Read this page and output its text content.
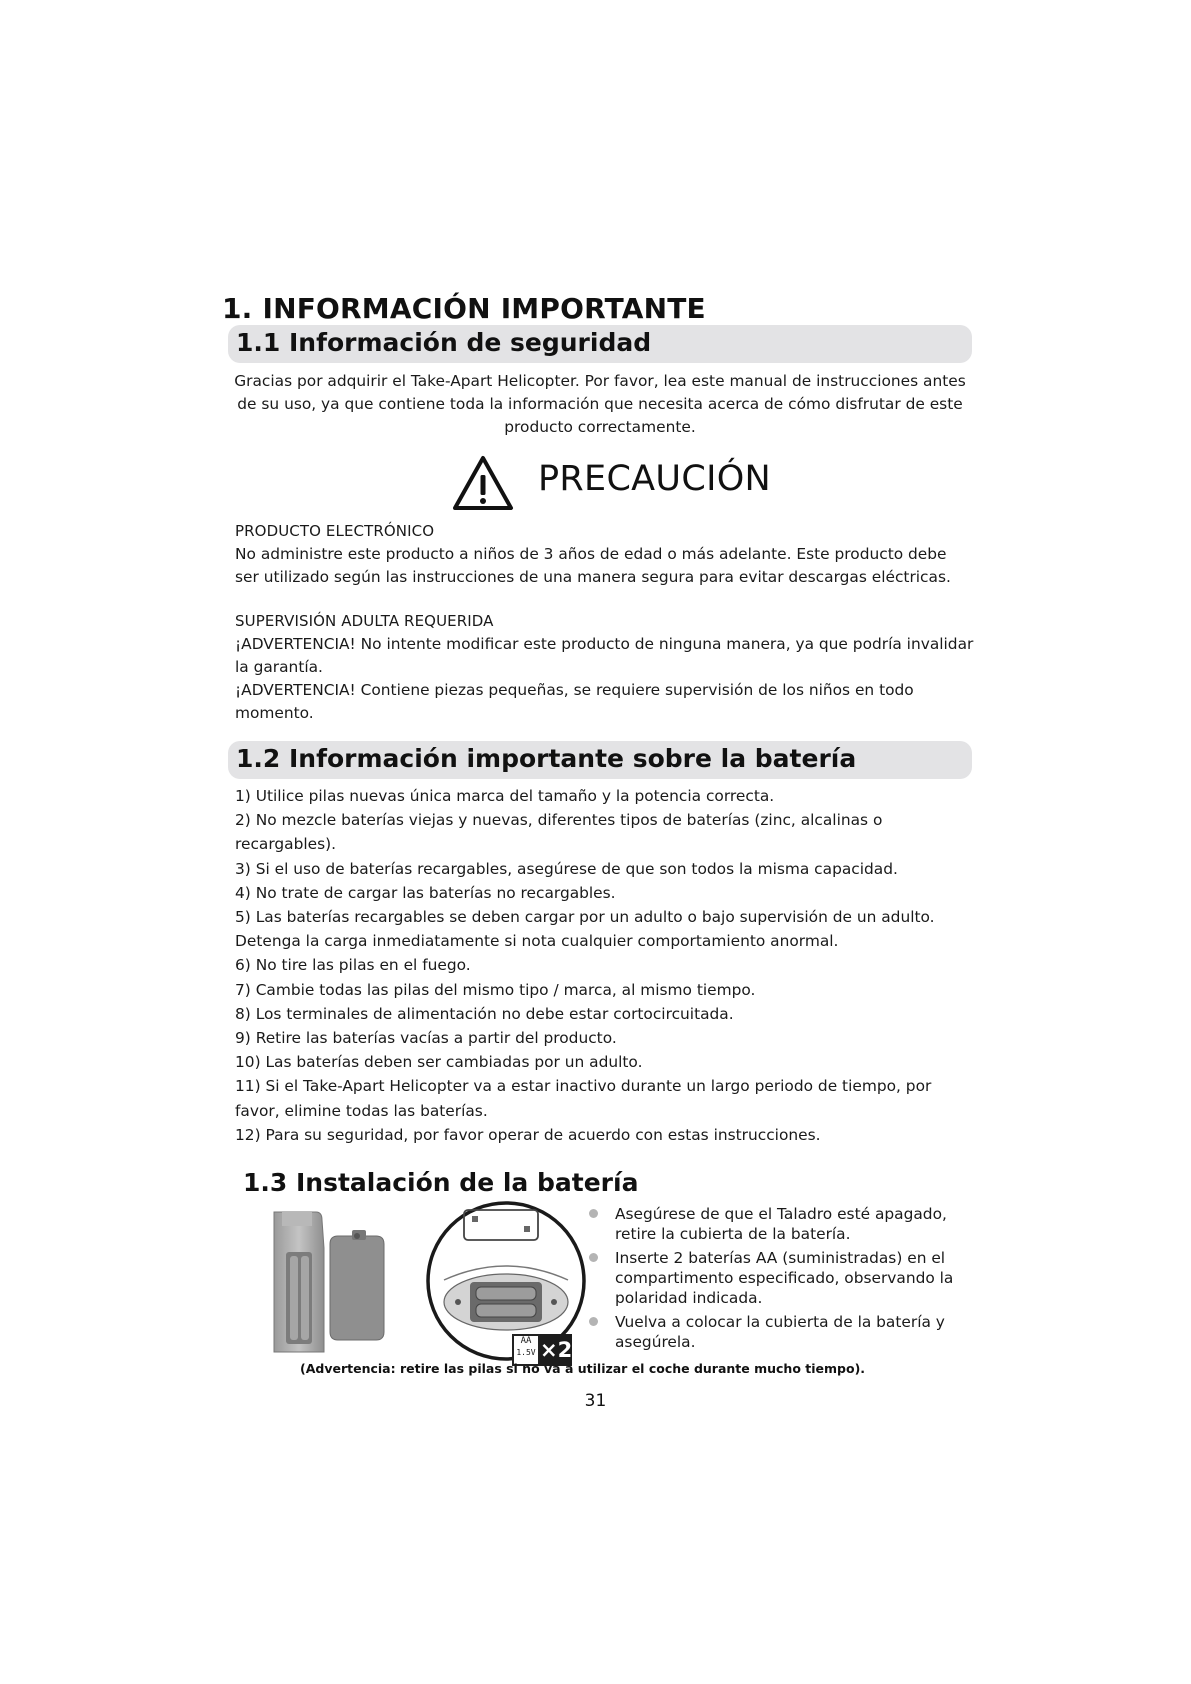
1. INFORMACIÓN IMPORTANTE
1.1 Información de seguridad
Gracias por adquirir el Take-Apart Helicopter. Por favor, lea este manual de instrucciones antes de su uso, ya que contiene toda la información que necesita acerca de cómo disfrutar de este producto correctamente.
PRECAUCIÓN

PRODUCTO ELECTRÓNICO

No administre este producto a niños de 3 años de edad o más adelante. Este producto debe ser utilizado según las instrucciones de una manera segura para evitar descargas eléctricas.

SUPERVISIÓN ADULTA REQUERIDA

¡ADVERTENCIA! No intente modificar este producto de ninguna manera, ya que podría invalidar la garantía.

¡ADVERTENCIA! Contiene piezas pequeñas, se requiere supervisión de los niños en todo momento.

1.2 Información importante sobre la batería

1) Utilice pilas nuevas única marca del tamaño y la potencia correcta.

2) No mezcle baterías viejas y nuevas, diferentes tipos de baterías (zinc, alcalinas o recargables).

3) Si el uso de baterías recargables, asegúrese de que son todos la misma capacidad.

4) No trate de cargar las baterías no recargables.

5) Las baterías recargables se deben cargar por un adulto o bajo supervisión de un adulto. Detenga la carga inmediatamente si nota cualquier comportamiento anormal.

6) No tire las pilas en el fuego.

7) Cambie todas las pilas del mismo tipo / marca, al mismo tiempo.

8) Los terminales de alimentación no debe estar cortocircuitada.

9) Retire las baterías vacías a partir del producto.

10) Las baterías deben ser cambiadas por un adulto.

11) Si el Take-Apart Helicopter va a estar inactivo durante un largo periodo de tiempo, por favor, elimine todas las baterías.

12) Para su seguridad, por favor operar de acuerdo con estas instrucciones.

1.3 Instalación de la batería
AA
1.5V ×2
Asegúrese de que el Taladro esté apagado, retire la cubierta de la batería.
Inserte 2 baterías AA (suministradas) en el compartimento especificado, observando la polaridad indicada.
Vuelva a colocar la cubierta de la batería y asegúrela.
(Advertencia: retire las pilas si no va a utilizar el coche durante mucho tiempo).
31
